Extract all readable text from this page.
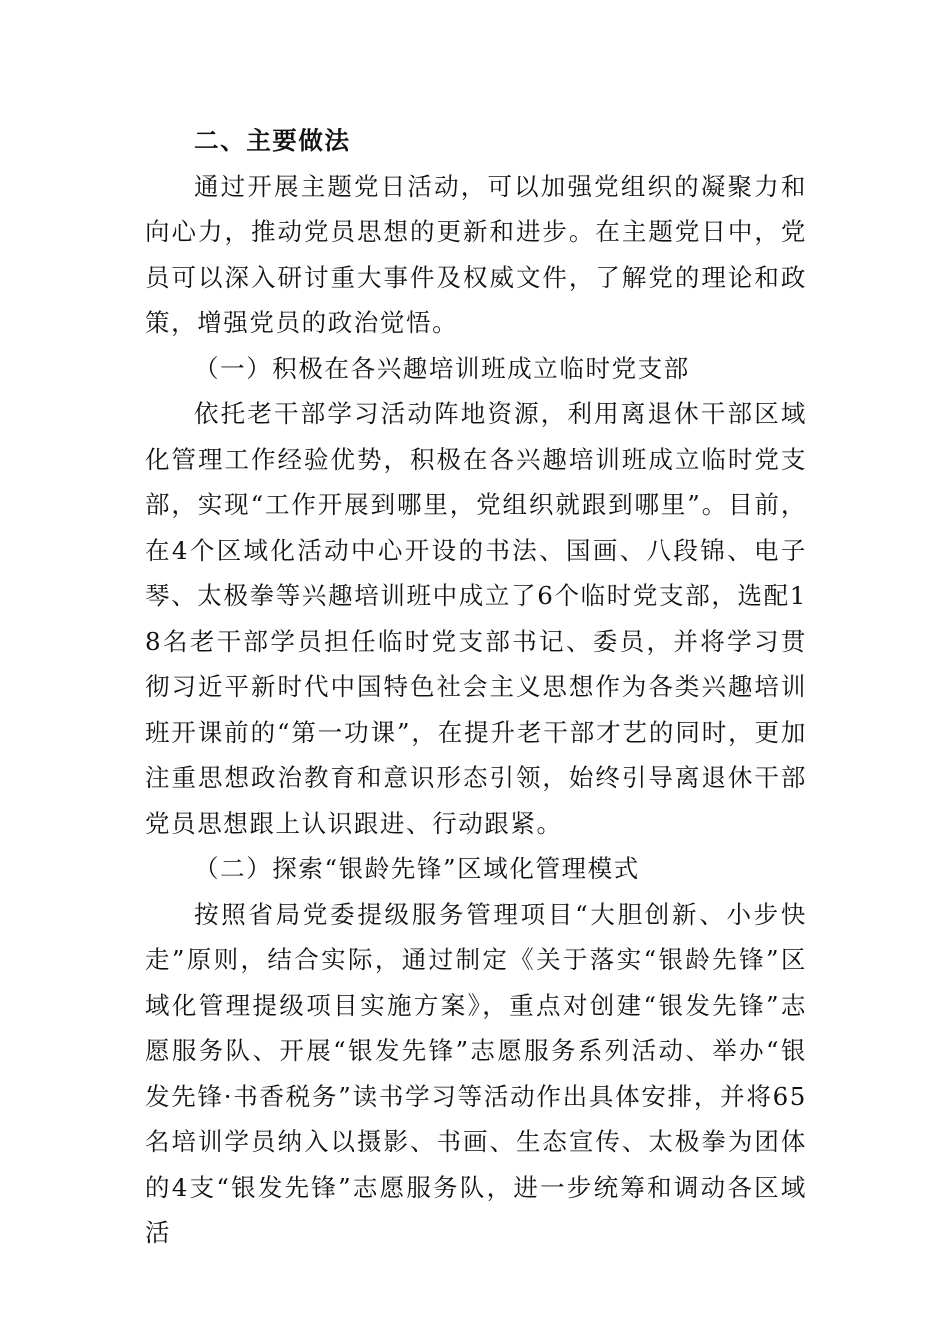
二、主要做法

通过开展主题党日活动，可以加强党组织的凝聚力和向心力，推动党员思想的更新和进步。在主题党日中，党员可以深入研讨重大事件及权威文件，了解党的理论和政策，增强党员的政治觉悟。

（一）积极在各兴趣培训班成立临时党支部

依托老干部学习活动阵地资源，利用离退休干部区域化管理工作经验优势，积极在各兴趣培训班成立临时党支部，实现“工作开展到哪里，党组织就跟到哪里”。目前，在4个区域化活动中心开设的书法、国画、八段锦、电子琴、太极拳等兴趣培训班中成立了6个临时党支部，选配18名老干部学员担任临时党支部书记、委员，并将学习贯彻习近平新时代中国特色社会主义思想作为各类兴趣培训班开课前的“第一功课”，在提升老干部才艺的同时，更加注重思想政治教育和意识形态引领，始终引导离退休干部党员思想跟上认识跟进、行动跟紧。

（二）探索“银龄先锋”区域化管理模式

按照省局党委提级服务管理项目“大胆创新、小步快走”原则，结合实际，通过制定《关于落实“银龄先锋”区域化管理提级项目实施方案》，重点对创建“银发先锋”志愿服务队、开展“银发先锋”志愿服务系列活动、举办“银发先锋·书香税务”读书学习等活动作出具体安排，并将65名培训学员纳入以摄影、书画、生态宣传、太极拳为团体的4支“银发先锋”志愿服务队，进一步统筹和调动各区域活
